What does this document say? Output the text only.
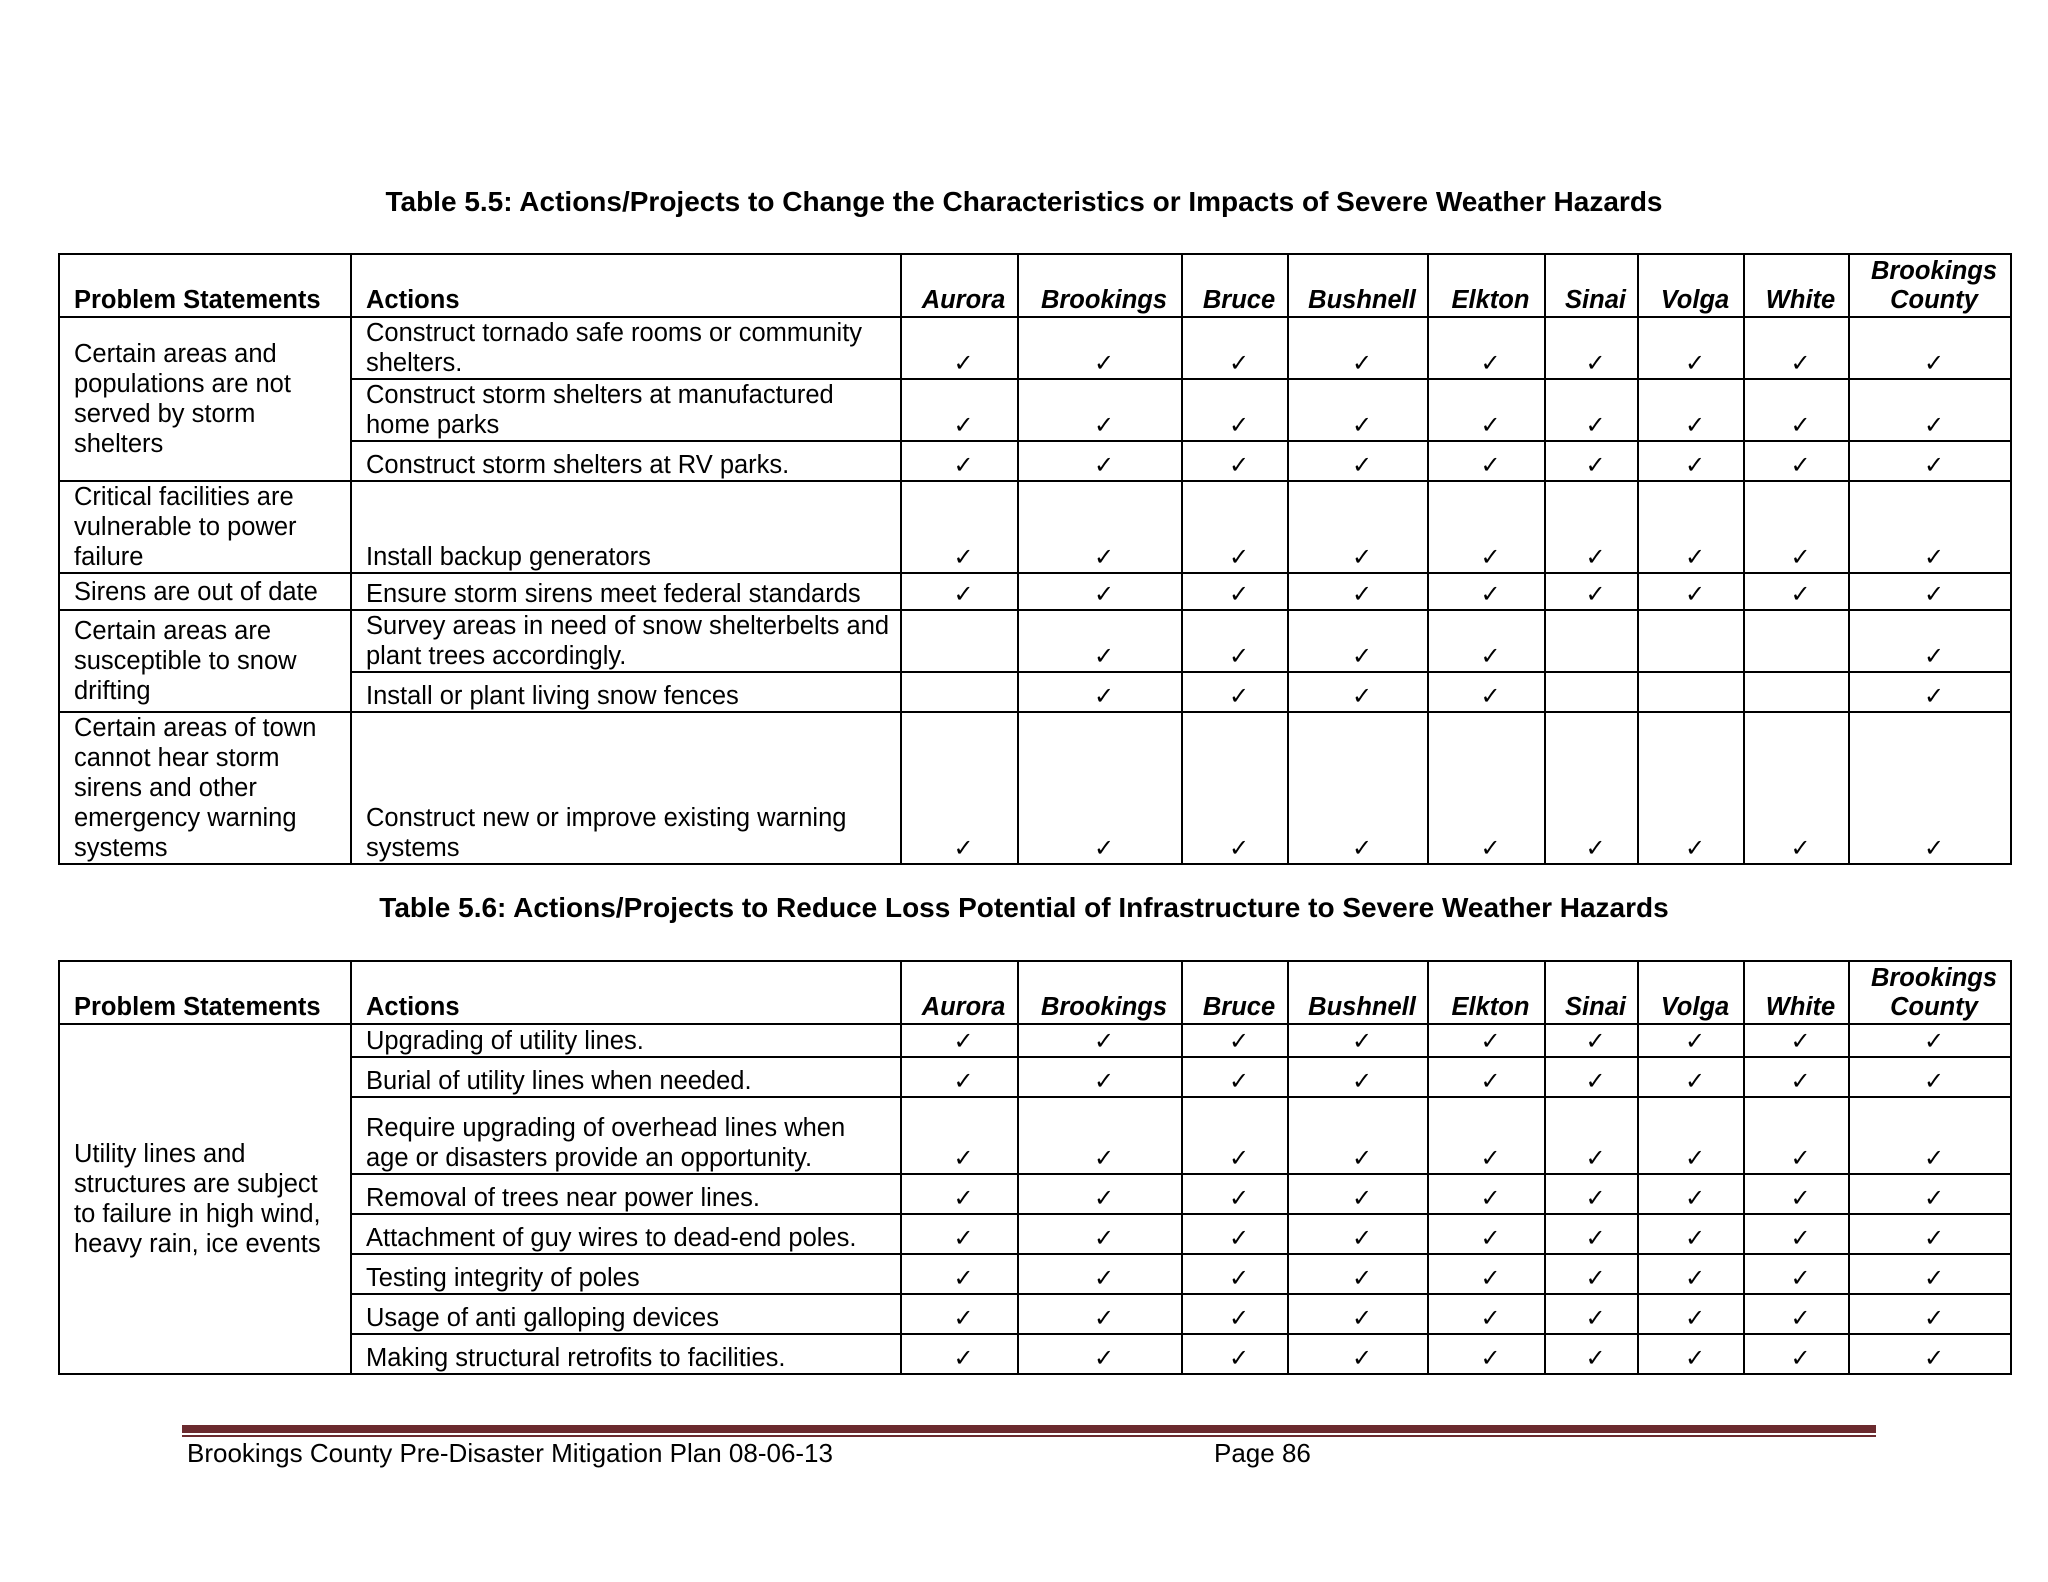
Table 5.5: Actions/Projects to Change the Characteristics or Impacts of Severe Weather Hazards
Problem Statements	Actions	Aurora	Brookings	Bruce	Bushnell	Elkton	Sinai	Volga	White	Brookings
County
Certain areas and populations are not served by storm shelters	Construct tornado safe rooms or community shelters.	✓	✓	✓	✓	✓	✓	✓	✓	✓
	Construct storm shelters at manufactured home parks	✓	✓	✓	✓	✓	✓	✓	✓	✓
	Construct storm shelters at RV parks.	✓	✓	✓	✓	✓	✓	✓	✓	✓
Critical facilities are vulnerable to power failure	Install backup generators	✓	✓	✓	✓	✓	✓	✓	✓	✓
Sirens are out of date	Ensure storm sirens meet federal standards	✓	✓	✓	✓	✓	✓	✓	✓	✓
Certain areas are susceptible to snow drifting	Survey areas in need of snow shelterbelts and plant trees accordingly.		✓	✓	✓	✓				✓
	Install or plant living snow fences		✓	✓	✓	✓				✓
Certain areas of town cannot hear storm sirens and other emergency warning systems	Construct new or improve existing warning systems	✓	✓	✓	✓	✓	✓	✓	✓	✓
Table 5.6: Actions/Projects to Reduce Loss Potential of Infrastructure to Severe Weather Hazards
Problem Statements	Actions	Aurora	Brookings	Bruce	Bushnell	Elkton	Sinai	Volga	White	Brookings
County
Utility lines and structures are subject to failure in high wind, heavy rain, ice events	Upgrading of utility lines.	✓	✓	✓	✓	✓	✓	✓	✓	✓
	Burial of utility lines when needed.	✓	✓	✓	✓	✓	✓	✓	✓	✓
	Require upgrading of overhead lines when age or disasters provide an opportunity.	✓	✓	✓	✓	✓	✓	✓	✓	✓
	Removal of trees near power lines.	✓	✓	✓	✓	✓	✓	✓	✓	✓
	Attachment of guy wires to dead-end poles.	✓	✓	✓	✓	✓	✓	✓	✓	✓
	Testing integrity of poles	✓	✓	✓	✓	✓	✓	✓	✓	✓
	Usage of anti galloping devices	✓	✓	✓	✓	✓	✓	✓	✓	✓
	Making structural retrofits to facilities.	✓	✓	✓	✓	✓	✓	✓	✓	✓
Brookings County Pre-Disaster Mitigation Plan 08-06-13	Page 86
